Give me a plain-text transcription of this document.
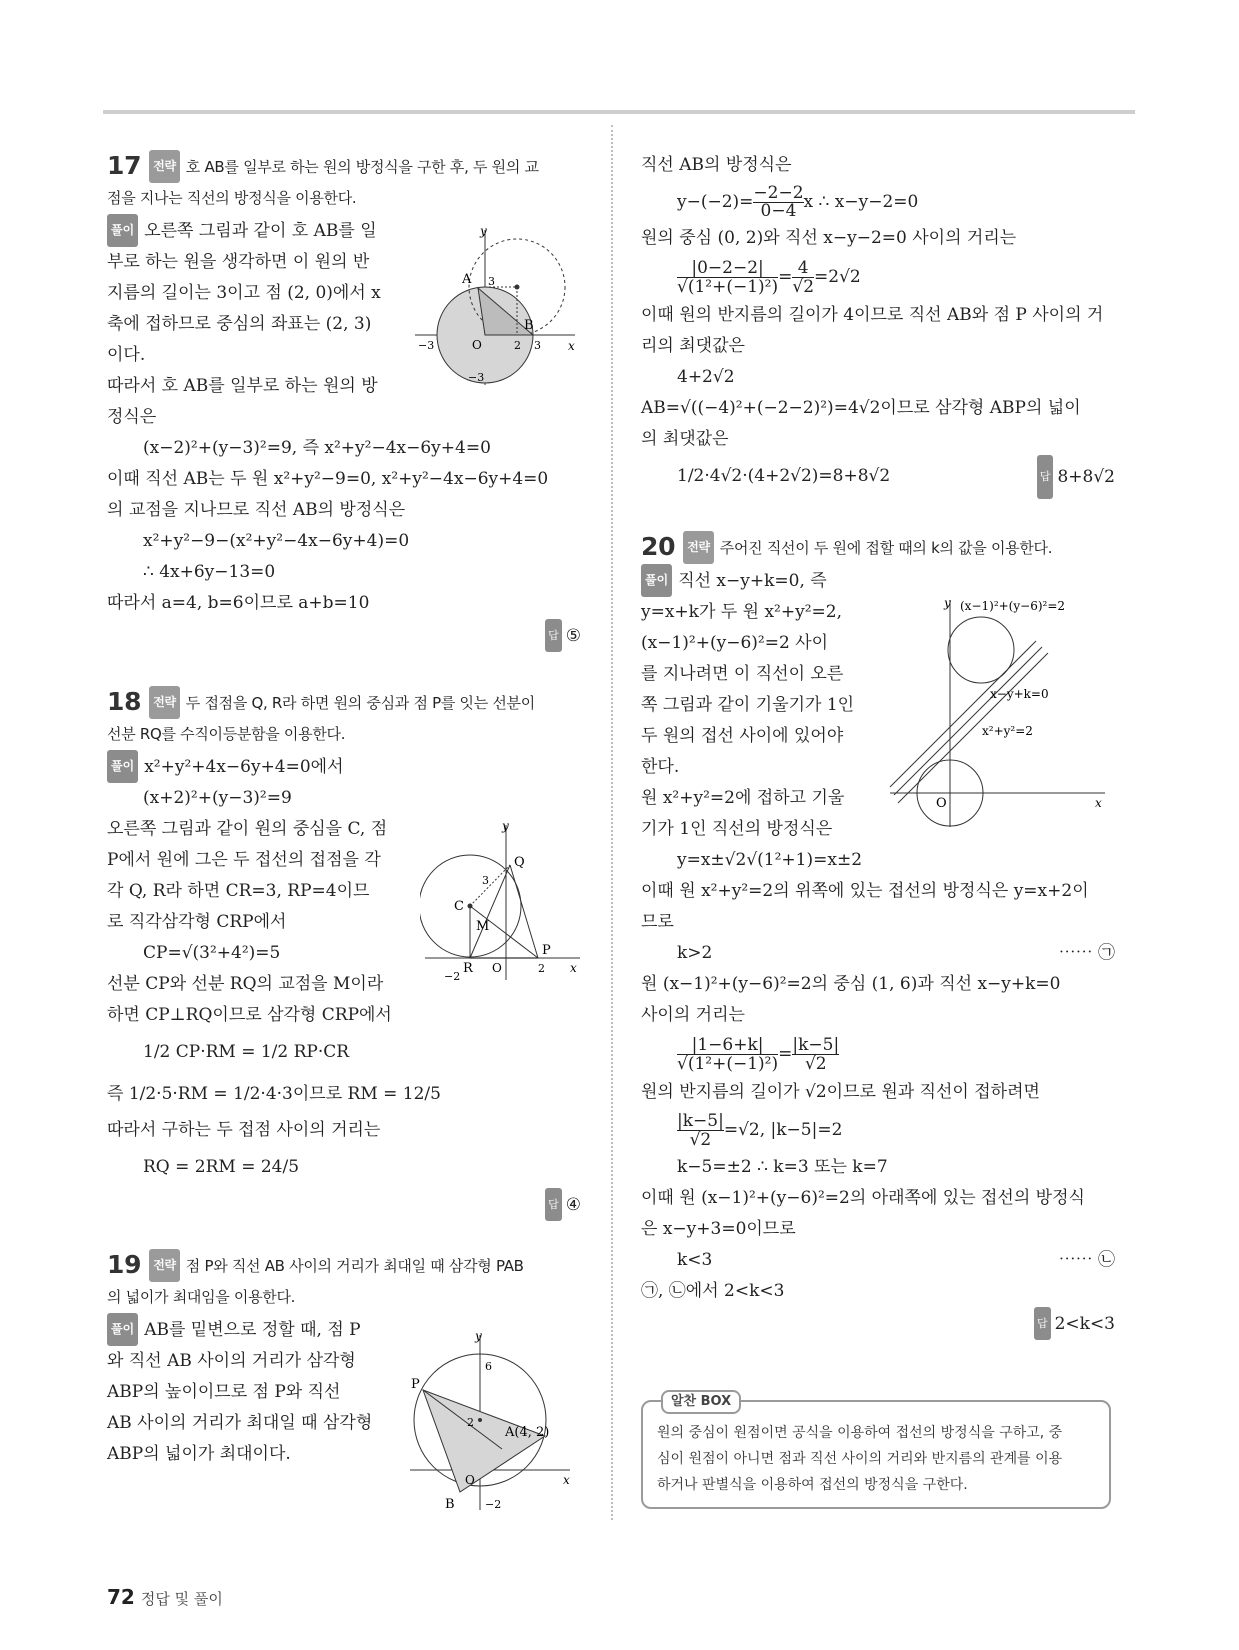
17 전략 호 AB를 일부로 하는 원의 방정식을 구한 후, 두 원의 교
점을 지나는 직선의 방정식을 이용한다.
풀이 오른쪽 그림과 같이 호 AB를 일
부로 하는 원을 생각하면 이 원의 반
지름의 길이는 3이고 점 (2, 0)에서 x
축에 접하므로 중심의 좌표는 (2, 3)
이다.
따라서 호 AB를 일부로 하는 원의 방
정식은
(x−2)²+(y−3)²=9, 즉 x²+y²−4x−6y+4=0
이때 직선 AB는 두 원 x²+y²−9=0, x²+y²−4x−6y+4=0
의 교점을 지나므로 직선 AB의 방정식은
x²+y²−9−(x²+y²−4x−6y+4)=0
∴ 4x+6y−13=0
따라서 a=4, b=6이므로 a+b=10
답 ⑤
18 전략 두 접점을 Q, R라 하면 원의 중심과 점 P를 잇는 선분이
선분 RQ를 수직이등분함을 이용한다.
풀이 x²+y²+4x−6y+4=0에서
(x+2)²+(y−3)²=9
오른쪽 그림과 같이 원의 중심을 C, 점
P에서 원에 그은 두 접선의 접점을 각
각 Q, R라 하면 CR=3, RP=4이므
로 직각삼각형 CRP에서
CP=√(3²+4²)=5
선분 CP와 선분 RQ의 교점을 M이라
하면 CP⊥RQ이므로 삼각형 CRP에서
1/2 CP·RM = 1/2 RP·CR
즉 1/2·5·RM = 1/2·4·3이므로 RM = 12/5
따라서 구하는 두 접점 사이의 거리는
RQ = 2RM = 24/5
답 ④
19 전략 점 P와 직선 AB 사이의 거리가 최대일 때 삼각형 PAB
의 넓이가 최대임을 이용한다.
풀이 AB를 밑변으로 정할 때, 점 P
와 직선 AB 사이의 거리가 삼각형
ABP의 높이이므로 점 P와 직선
AB 사이의 거리가 최대일 때 삼각형
ABP의 넓이가 최대이다.
y
x
A
B
O
3
−3	2 3
−3
y
x
C
Q
M
R O
P
3
−2
2
y
x
P
A(4, 2)
B
O
6
2
−2
직선 AB의 방정식은
$y-(-2)= \frac{-2-2}{0-4}$ x ∴ x−y−2=0
원의 중심 (0, 2)와 직선 x−y−2=0 사이의 거리는
$\frac{|0-2-2|}{\text{√(1²+(−1)²)}} = \frac{4}{√2} =2√2$
이때 원의 반지름의 길이가 4이므로 직선 AB와 점 P 사이의 거
리의 최댓값은
4+2√2
AB=√((−4)²+(−2−2)²)=4√2이므로 삼각형 ABP의 넓이
의 최댓값은
1/2·4√2·(4+2√2)=8+8√2	답 8+8√2
20 전략 주어진 직선이 두 원에 접할 때의 k의 값을 이용한다.
풀이 직선 x−y+k=0, 즉
y=x+k가 두 원 x²+y²=2,
(x−1)²+(y−6)²=2 사이
를 지나려면 이 직선이 오른
쪽 그림과 같이 기울기가 1인
두 원의 접선 사이에 있어야
한다.
원 x²+y²=2에 접하고 기울
기가 1인 직선의 방정식은
y=x±√2√(1²+1)=x±2
이때 원 x²+y²=2의 위쪽에 있는 접선의 방정식은 y=x+2이
므로
k>2	⋯⋯ ㉠
원 (x−1)²+(y−6)²=2의 중심 (1, 6)과 직선 x−y+k=0
사이의 거리는
$\frac{|1-6+k|}{\text{√(1²+(−1)²)}} = \frac{|k-5|}{√2}$
원의 반지름의 길이가 √2이므로 원과 직선이 접하려면
$\frac{|k-5|}{√2} =√2$, |k−5|=2
k−5=±2 ∴ k=3 또는 k=7
이때 원 (x−1)²+(y−6)²=2의 아래쪽에 있는 접선의 방정식
은 x−y+3=0이므로
k<3	⋯⋯ ㉡
㉠, ㉡에서 2<k<3
답 2<k<3
y
x
O
(x−1)²+(y−6)²=2
x−y+k=0
x²+y²=2
알찬 BOX
원의 중심이 원점이면 공식을 이용하여 접선의 방정식을 구하고, 중
심이 원점이 아니면 점과 직선 사이의 거리와 반지름의 관계를 이용
하거나 판별식을 이용하여 접선의 방정식을 구한다.
72 정답 및 풀이
